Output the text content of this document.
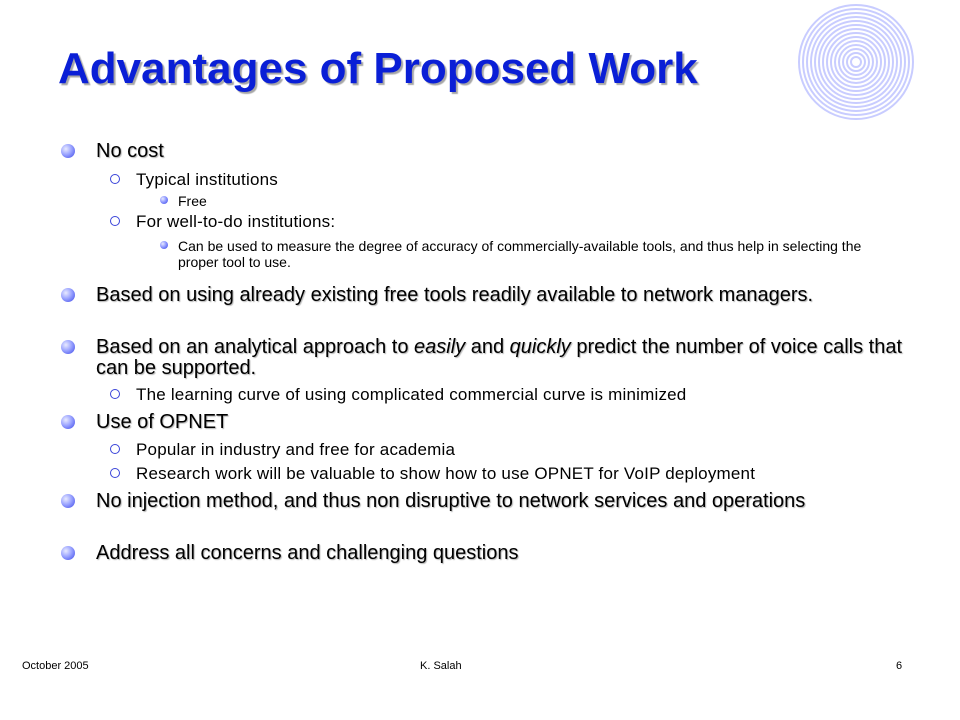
Advantages of Proposed Work
No cost
Typical institutions
Free
For well-to-do institutions:
Can be used to measure the degree of accuracy of commercially-available tools, and thus help in selecting the proper tool to use.
Based on using already existing free tools readily available to network managers.
Based on an analytical approach to easily and quickly predict the number of voice calls that can be supported.
The learning curve of using complicated commercial curve is minimized
Use of OPNET
Popular in industry and free for academia
Research work will be valuable to show how to use OPNET for VoIP deployment
No injection method, and thus non disruptive to network services and operations
Address all concerns and challenging questions
October 2005	K. Salah	6
